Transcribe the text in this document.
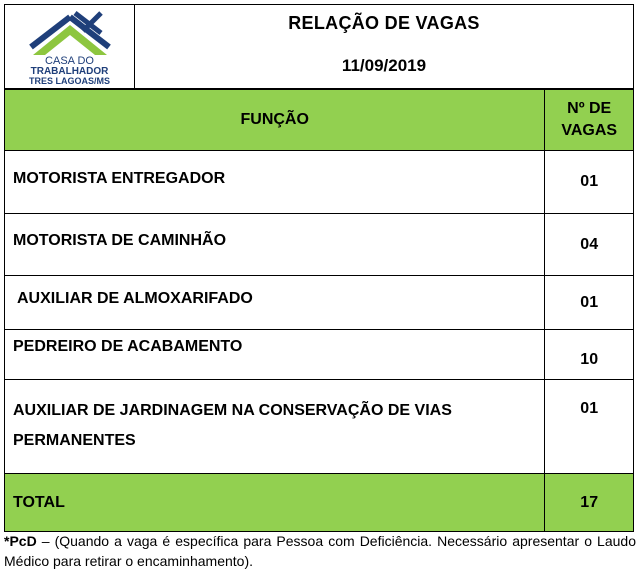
CASA DO
TRABALHADOR
TRES LAGOAS/MS

RELAÇÃO DE VAGAS
11/09/2019
FUNÇÃO	Nº DE
VAGAS
MOTORISTA ENTREGADOR	01
MOTORISTA DE CAMINHÃO	04
AUXILIAR DE ALMOXARIFADO	01
PEDREIRO DE ACABAMENTO	10
AUXILIAR DE JARDINAGEM NA CONSERVAÇÃO DE VIAS
PERMANENTES	01
TOTAL	17
*PcD – (Quando a vaga é específica para Pessoa com Deficiência. Necessário apresentar o Laudo Médico para retirar o encaminhamento).
